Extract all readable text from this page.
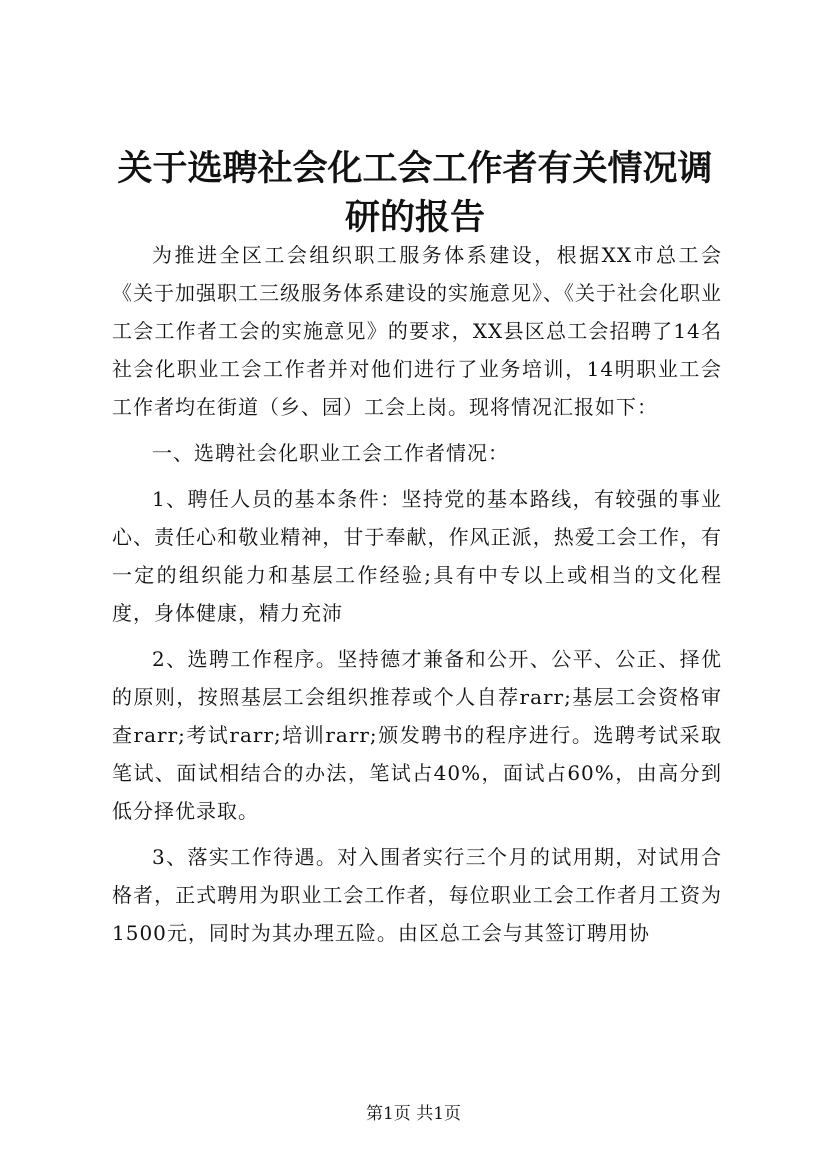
关于选聘社会化工会工作者有关情况调研的报告

为推进全区工会组织职工服务体系建设，根据XX市总工会《关于加强职工三级服务体系建设的实施意见》、《关于社会化职业工会工作者工会的实施意见》的要求，XX县区总工会招聘了14名社会化职业工会工作者并对他们进行了业务培训，14明职业工会工作者均在街道（乡、园）工会上岗。现将情况汇报如下：

一、选聘社会化职业工会工作者情况：

1、聘任人员的基本条件：坚持党的基本路线，有较强的事业心、责任心和敬业精神，甘于奉献，作风正派，热爱工会工作，有一定的组织能力和基层工作经验;具有中专以上或相当的文化程度，身体健康，精力充沛

2、选聘工作程序。坚持德才兼备和公开、公平、公正、择优的原则，按照基层工会组织推荐或个人自荐rarr;基层工会资格审查rarr;考试rarr;培训rarr;颁发聘书的程序进行。选聘考试采取笔试、面试相结合的办法，笔试占40%，面试占60%，由高分到低分择优录取。

3、落实工作待遇。对入围者实行三个月的试用期，对试用合格者，正式聘用为职业工会工作者，每位职业工会工作者月工资为1500元，同时为其办理五险。由区总工会与其签订聘用协

第1页 共1页
